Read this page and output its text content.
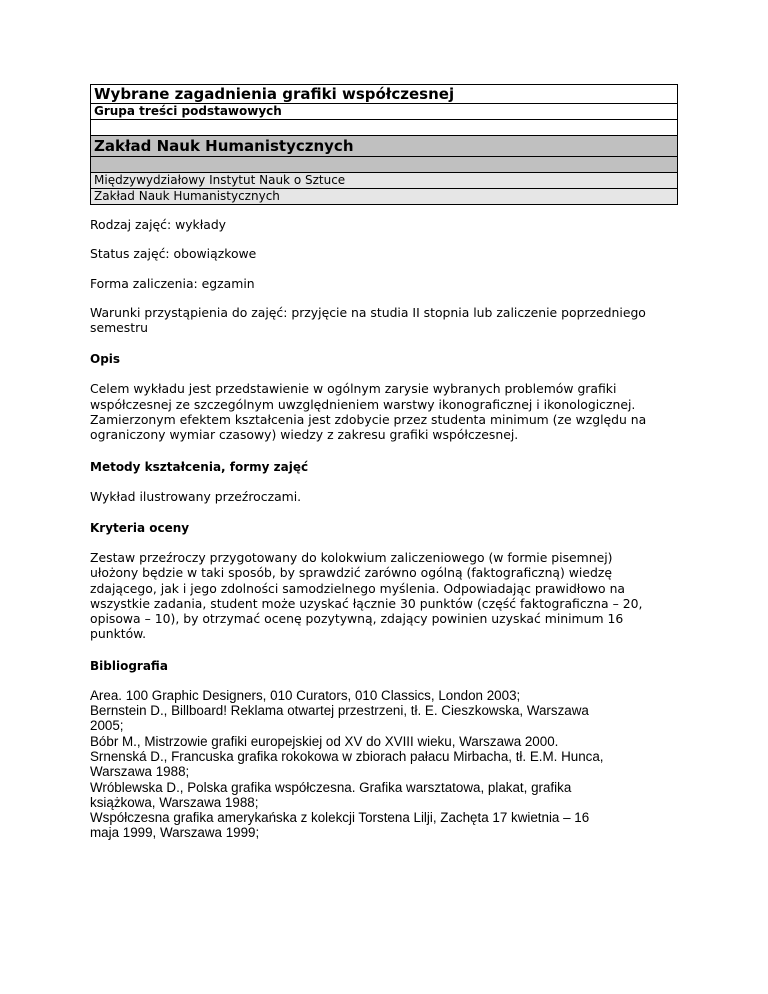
Wybrane zagadnienia grafiki współczesnej
Grupa treści podstawowych

Zakład Nauk Humanistycznych

Międzywydziałowy Instytut Nauk o Sztuce
Zakład Nauk Humanistycznych

Rodzaj zajęć: wykłady

Status zajęć: obowiązkowe

Forma zaliczenia: egzamin

Warunki przystąpienia do zajęć: przyjęcie na studia II stopnia lub zaliczenie poprzedniego

semestru

Opis

Celem wykładu jest przedstawienie w ogólnym zarysie wybranych problemów grafiki

współczesnej ze szczególnym uwzględnieniem warstwy ikonograficznej i ikonologicznej.

Zamierzonym efektem kształcenia jest zdobycie przez studenta minimum (ze względu na

ograniczony wymiar czasowy) wiedzy z zakresu grafiki współczesnej.

Metody kształcenia, formy zajęć

Wykład ilustrowany przeźroczami.

Kryteria oceny

Zestaw przeźroczy przygotowany do kolokwium zaliczeniowego (w formie pisemnej)

ułożony będzie w taki sposób, by sprawdzić zarówno ogólną (faktograficzną) wiedzę

zdającego, jak i jego zdolności samodzielnego myślenia. Odpowiadając prawidłowo na

wszystkie zadania, student może uzyskać łącznie 30 punktów (część faktograficzna – 20,

opisowa – 10), by otrzymać ocenę pozytywną, zdający powinien uzyskać minimum 16

punktów.

Bibliografia

Area. 100 Graphic Designers, 010 Curators, 010 Classics, London 2003;

Bernstein D., Billboard! Reklama otwartej przestrzeni, tł. E. Cieszkowska, Warszawa

2005;

Bóbr M., Mistrzowie grafiki europejskiej od XV do XVIII wieku, Warszawa 2000.

Srnenská D., Francuska grafika rokokowa w zbiorach pałacu Mirbacha, tł. E.M. Hunca,

Warszawa 1988;

Wróblewska D., Polska grafika współczesna. Grafika warsztatowa, plakat, grafika

książkowa, Warszawa 1988;

Współczesna grafika amerykańska z kolekcji Torstena Lilji, Zachęta 17 kwietnia – 16

maja 1999, Warszawa 1999;
